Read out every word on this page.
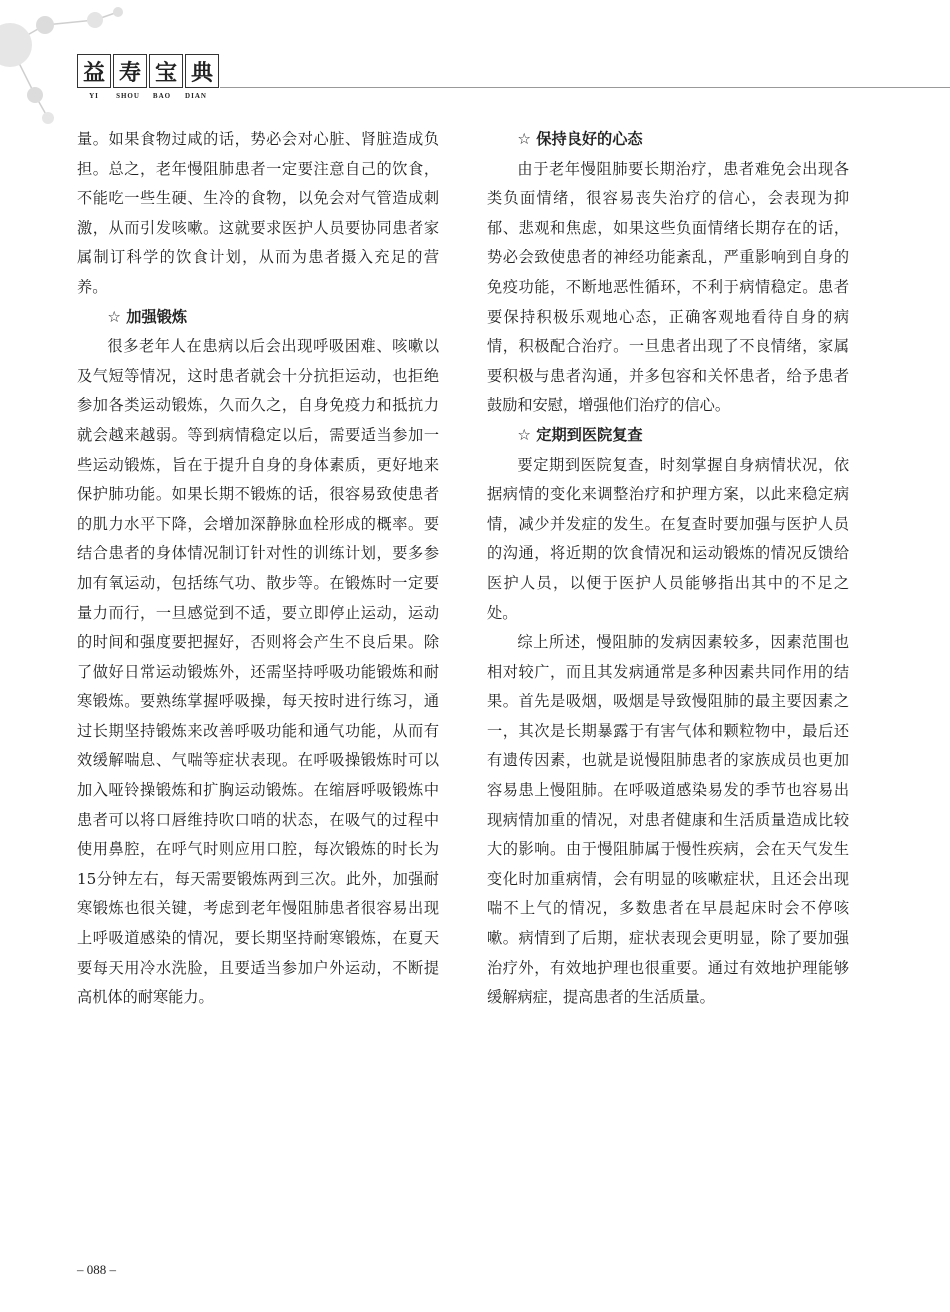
益 寿 宝 典
YI	SHOU	BAO	DIAN

量。如果食物过咸的话，势必会对心脏、肾脏造成负担。总之，老年慢阻肺患者一定要注意自己的饮食，不能吃一些生硬、生冷的食物，以免会对气管造成刺激，从而引发咳嗽。这就要求医护人员要协同患者家属制订科学的饮食计划，从而为患者摄入充足的营养。

☆ 加强锻炼

很多老年人在患病以后会出现呼吸困难、咳嗽以及气短等情况，这时患者就会十分抗拒运动，也拒绝参加各类运动锻炼，久而久之，自身免疫力和抵抗力就会越来越弱。等到病情稳定以后，需要适当参加一些运动锻炼，旨在于提升自身的身体素质，更好地来保护肺功能。如果长期不锻炼的话，很容易致使患者的肌力水平下降，会增加深静脉血栓形成的概率。要结合患者的身体情况制订针对性的训练计划，要多参加有氧运动，包括练气功、散步等。在锻炼时一定要量力而行，一旦感觉到不适，要立即停止运动，运动的时间和强度要把握好，否则将会产生不良后果。除了做好日常运动锻炼外，还需坚持呼吸功能锻炼和耐寒锻炼。要熟练掌握呼吸操，每天按时进行练习，通过长期坚持锻炼来改善呼吸功能和通气功能，从而有效缓解喘息、气喘等症状表现。在呼吸操锻炼时可以加入哑铃操锻炼和扩胸运动锻炼。在缩唇呼吸锻炼中患者可以将口唇维持吹口哨的状态，在吸气的过程中使用鼻腔，在呼气时则应用口腔，每次锻炼的时长为15分钟左右，每天需要锻炼两到三次。此外，加强耐寒锻炼也很关键，考虑到老年慢阻肺患者很容易出现上呼吸道感染的情况，要长期坚持耐寒锻炼，在夏天要每天用冷水洗脸，且要适当参加户外运动，不断提高机体的耐寒能力。

☆ 保持良好的心态

由于老年慢阻肺要长期治疗，患者难免会出现各类负面情绪，很容易丧失治疗的信心，会表现为抑郁、悲观和焦虑，如果这些负面情绪长期存在的话，势必会致使患者的神经功能紊乱，严重影响到自身的免疫功能，不断地恶性循环，不利于病情稳定。患者要保持积极乐观地心态，正确客观地看待自身的病情，积极配合治疗。一旦患者出现了不良情绪，家属要积极与患者沟通，并多包容和关怀患者，给予患者鼓励和安慰，增强他们治疗的信心。

☆ 定期到医院复查

要定期到医院复查，时刻掌握自身病情状况，依据病情的变化来调整治疗和护理方案，以此来稳定病情，减少并发症的发生。在复查时要加强与医护人员的沟通，将近期的饮食情况和运动锻炼的情况反馈给医护人员，以便于医护人员能够指出其中的不足之处。

综上所述，慢阻肺的发病因素较多，因素范围也相对较广，而且其发病通常是多种因素共同作用的结果。首先是吸烟，吸烟是导致慢阻肺的最主要因素之一，其次是长期暴露于有害气体和颗粒物中，最后还有遗传因素，也就是说慢阻肺患者的家族成员也更加容易患上慢阻肺。在呼吸道感染易发的季节也容易出现病情加重的情况，对患者健康和生活质量造成比较大的影响。由于慢阻肺属于慢性疾病，会在天气发生变化时加重病情，会有明显的咳嗽症状，且还会出现喘不上气的情况，多数患者在早晨起床时会不停咳嗽。病情到了后期，症状表现会更明显，除了要加强治疗外，有效地护理也很重要。通过有效地护理能够缓解病症，提高患者的生活质量。

– 088 –
